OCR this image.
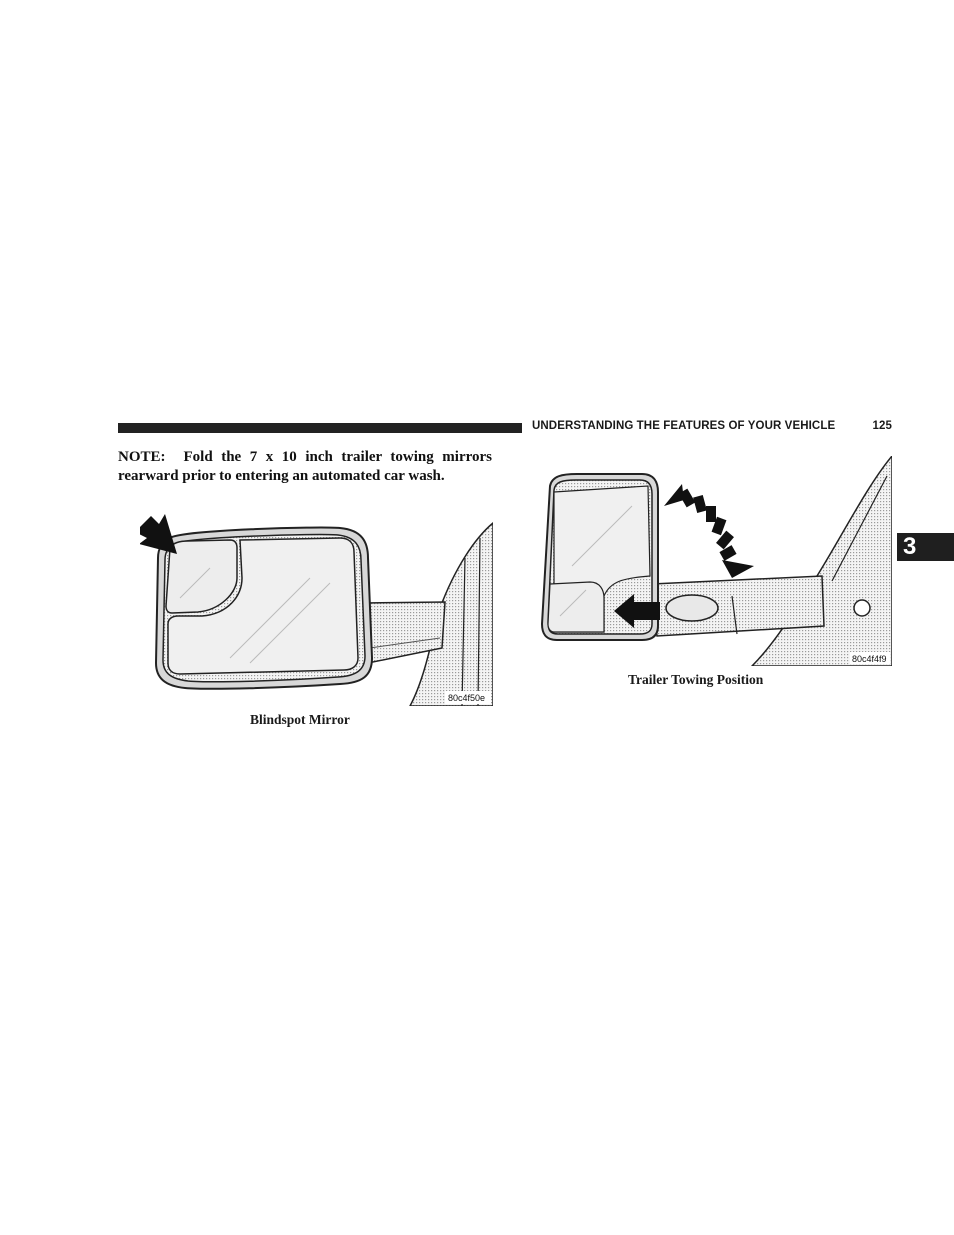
UNDERSTANDING THE FEATURES OF YOUR VEHICLE	125

NOTE: Fold the 7 x 10 inch trailer towing mirrors rearward prior to entering an automated car wash.

80c4f50e
80c4f4f9
Blindspot Mirror
Trailer Towing Position
3
